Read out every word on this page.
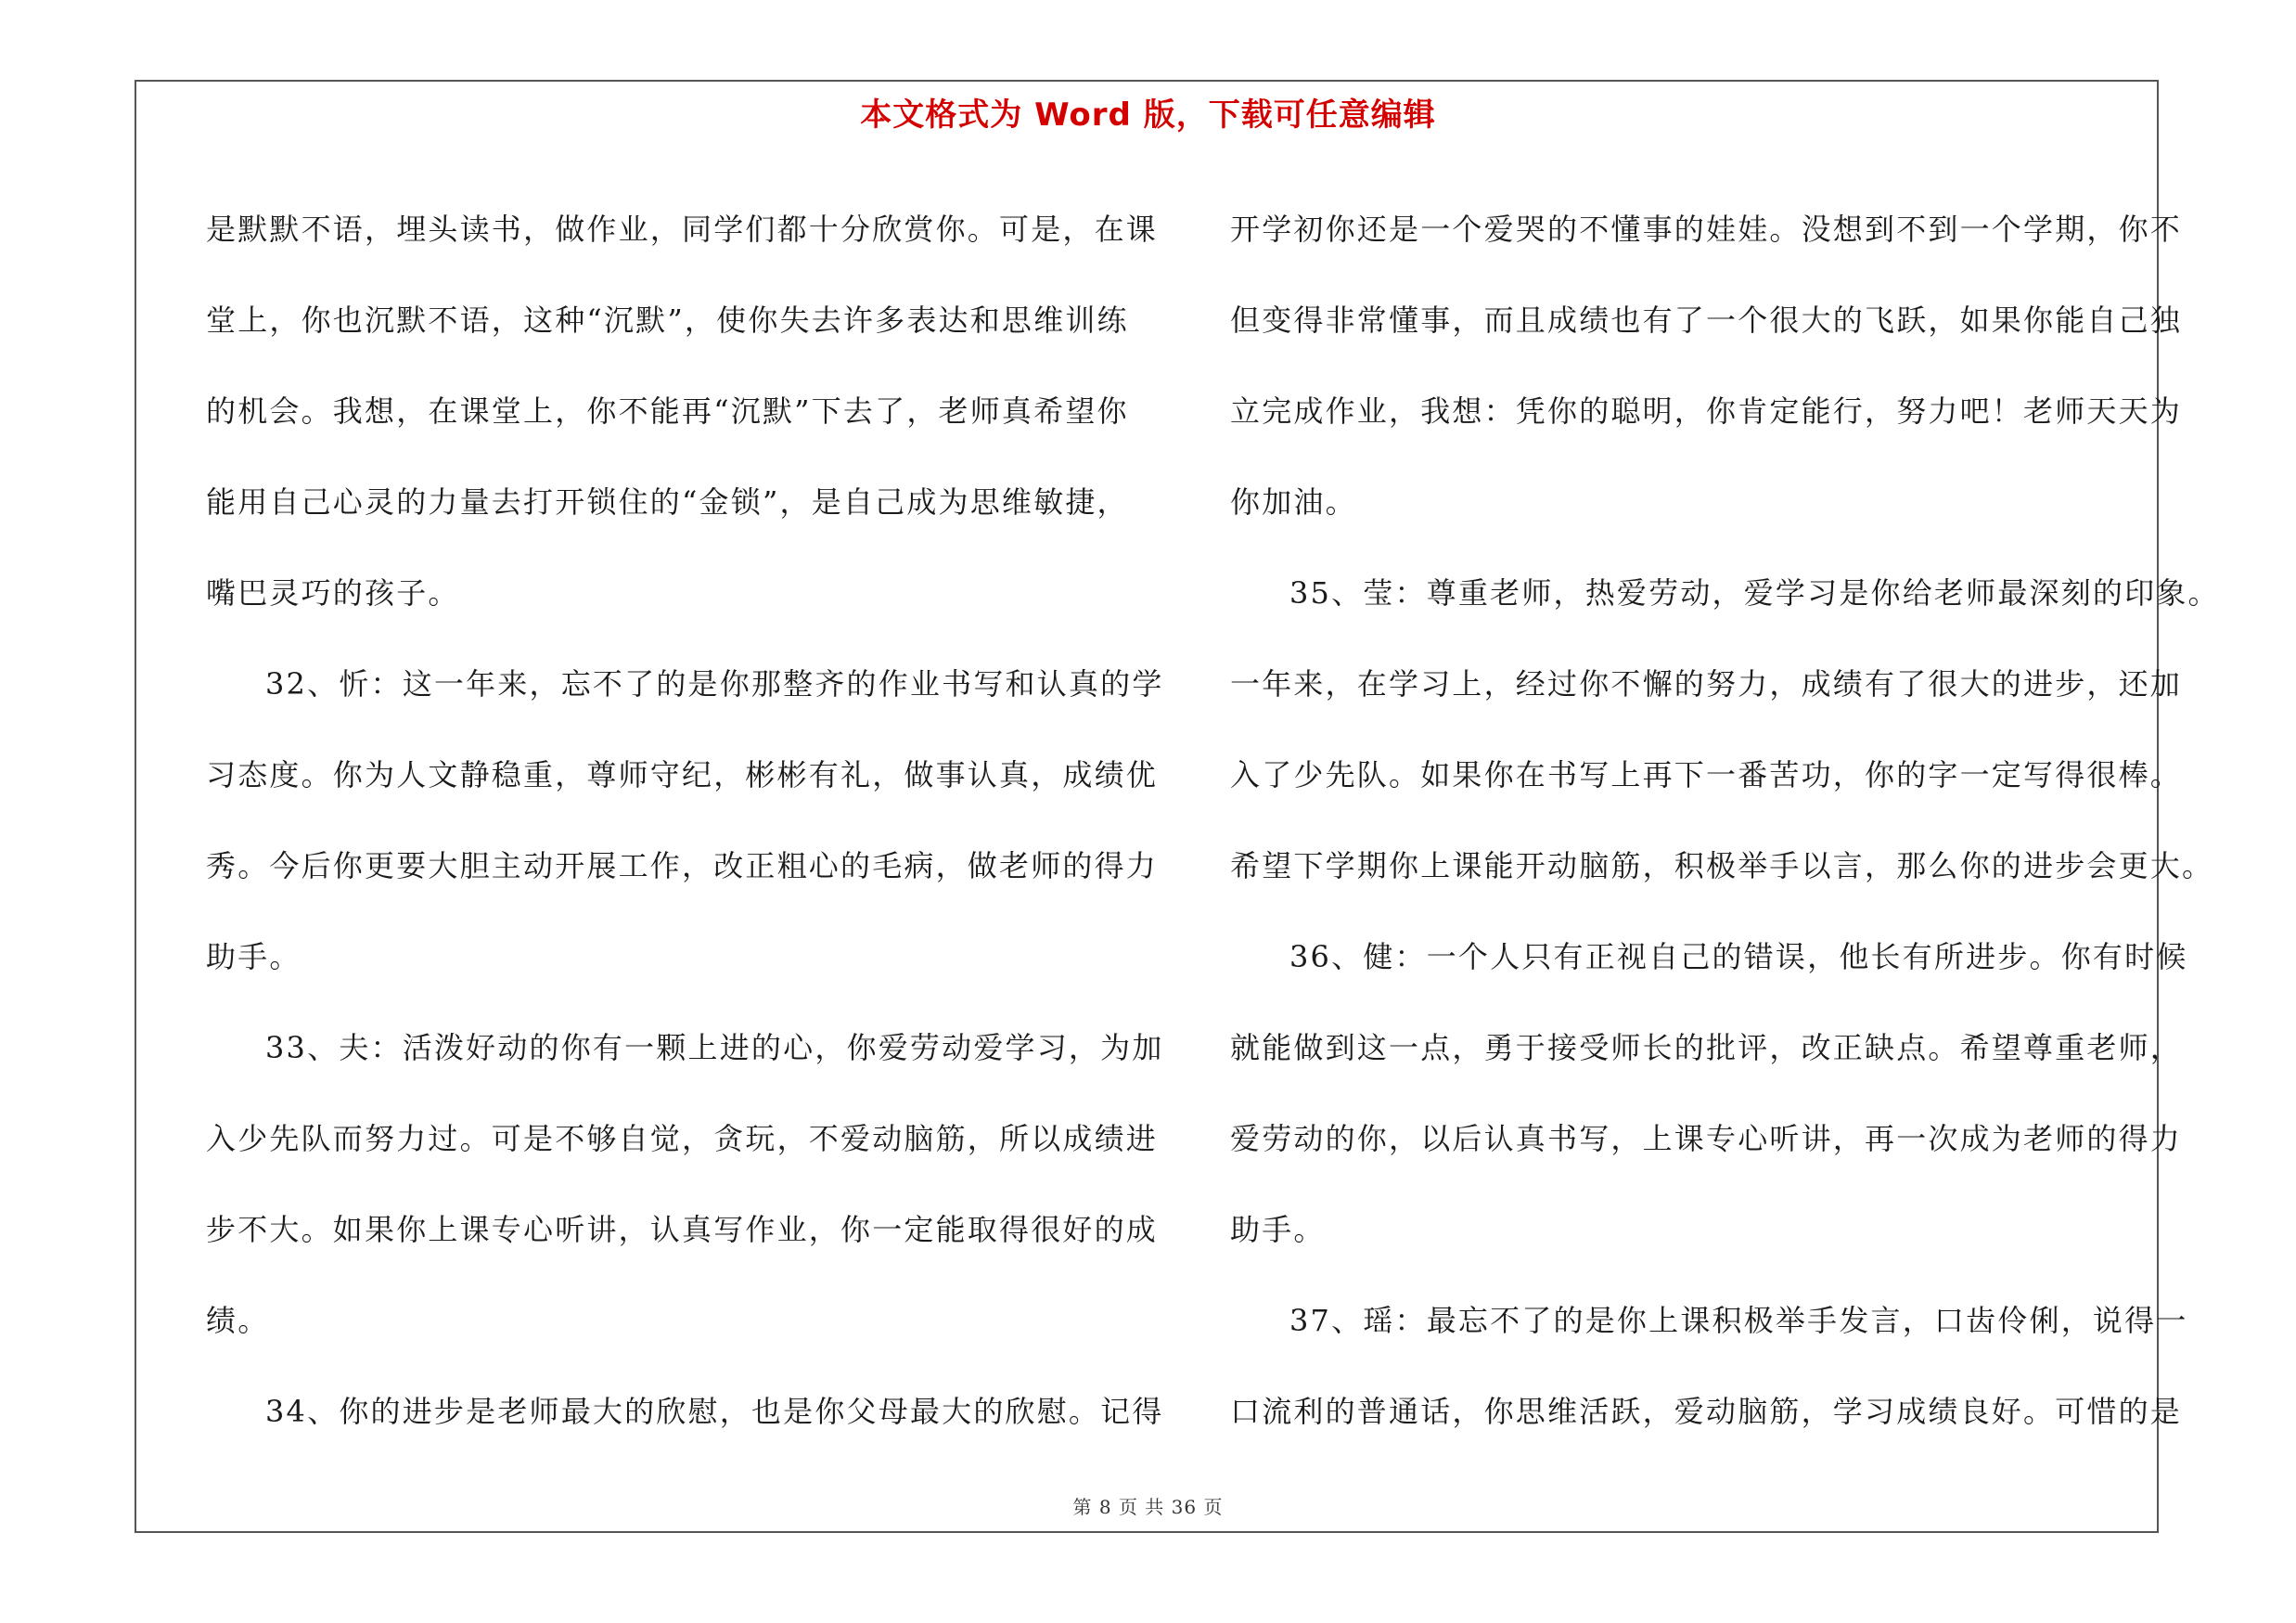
本文格式为 Word 版，下载可任意编辑
是默默不语，埋头读书，做作业，同学们都十分欣赏你。可是，在课
堂上，你也沉默不语，这种“沉默”，使你失去许多表达和思维训练
的机会。我想，在课堂上，你不能再“沉默”下去了，老师真希望你
能用自己心灵的力量去打开锁住的“金锁”，是自己成为思维敏捷，
嘴巴灵巧的孩子。
32、忻：这一年来，忘不了的是你那整齐的作业书写和认真的学
习态度。你为人文静稳重，尊师守纪，彬彬有礼，做事认真，成绩优
秀。今后你更要大胆主动开展工作，改正粗心的毛病，做老师的得力
助手。
33、夫：活泼好动的你有一颗上进的心，你爱劳动爱学习，为加
入少先队而努力过。可是不够自觉，贪玩，不爱动脑筋，所以成绩进
步不大。如果你上课专心听讲，认真写作业，你一定能取得很好的成
绩。
34、你的进步是老师最大的欣慰，也是你父母最大的欣慰。记得
开学初你还是一个爱哭的不懂事的娃娃。没想到不到一个学期，你不
但变得非常懂事，而且成绩也有了一个很大的飞跃，如果你能自己独
立完成作业，我想：凭你的聪明，你肯定能行，努力吧！老师天天为
你加油。
35、莹：尊重老师，热爱劳动，爱学习是你给老师最深刻的印象。
一年来，在学习上，经过你不懈的努力，成绩有了很大的进步，还加
入了少先队。如果你在书写上再下一番苦功，你的字一定写得很棒。
希望下学期你上课能开动脑筋，积极举手以言，那么你的进步会更大。
36、健：一个人只有正视自己的错误，他长有所进步。你有时候
就能做到这一点，勇于接受师长的批评，改正缺点。希望尊重老师，
爱劳动的你，以后认真书写，上课专心听讲，再一次成为老师的得力
助手。
37、瑶：最忘不了的是你上课积极举手发言，口齿伶俐，说得一
口流利的普通话，你思维活跃，爱动脑筋，学习成绩良好。可惜的是
第 8 页 共 36 页
